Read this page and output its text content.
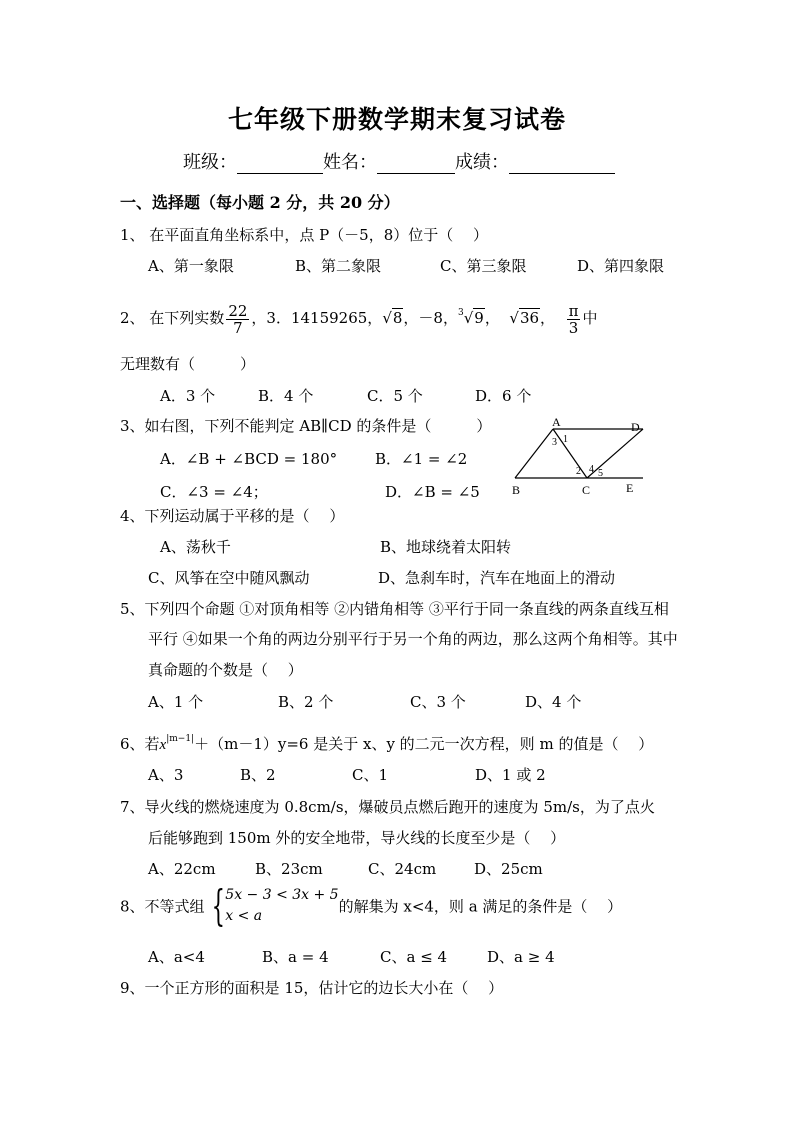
七年级下册数学期末复习试卷
班级：	姓名：	成绩：
一、选择题（每小题 2 分，共 20 分）
1、 在平面直角坐标系中，点 P（－5，8）位于（　 ）
A、第一象限	B、第二象限	C、第三象限	D、第四象限
2、 在下列实数 $\frac{22}{7}$ ，3．14159265，√8，－8，$^3$√9， √36， $\frac{\pi}{3}$ 中
无理数有（　　　）
A．3 个	B．4 个	C．5 个	D．6 个
3、如右图，下列不能判定 AB∥CD 的条件是（　　　）
A．∠B + ∠BCD = 180°	B．∠1 = ∠2
C．∠3 = ∠4；	D．∠B = ∠5
A	D
B	C	E
1
2
3
4 5
4、下列运动属于平移的是（　 ）
A、荡秋千	B、地球绕着太阳转
C、风筝在空中随风飘动	D、急刹车时，汽车在地面上的滑动
5、下列四个命题 ①对顶角相等 ②内错角相等 ③平行于同一条直线的两条直线互相
平行 ④如果一个角的两边分别平行于另一个角的两边，那么这两个角相等。其中
真命题的个数是（　 ）
A、1 个	B、2 个	C、3 个	D、4 个
6、若$x^{|m-1|}+(m-1)y=6$ 是关于 x、y 的二元一次方程，则 m 的值是（　 ）
A、3	B、2	C、1	D、1 或 2
7、导火线的燃烧速度为 0.8cm/s，爆破员点燃后跑开的速度为 5m/s，为了点火
后能够跑到 150m 外的安全地带，导火线的长度至少是（　 ）
A、22cm	B、23cm	C、24cm	D、25cm
8、不等式组 { 5x − 3 < 3x + 5
x < a
的解集为 x<4，则 a 满足的条件是（　 ）
A、a<4	B、a = 4	C、a ≤ 4	D、a ≥ 4
9、一个正方形的面积是 15，估计它的边长大小在（　 ）
